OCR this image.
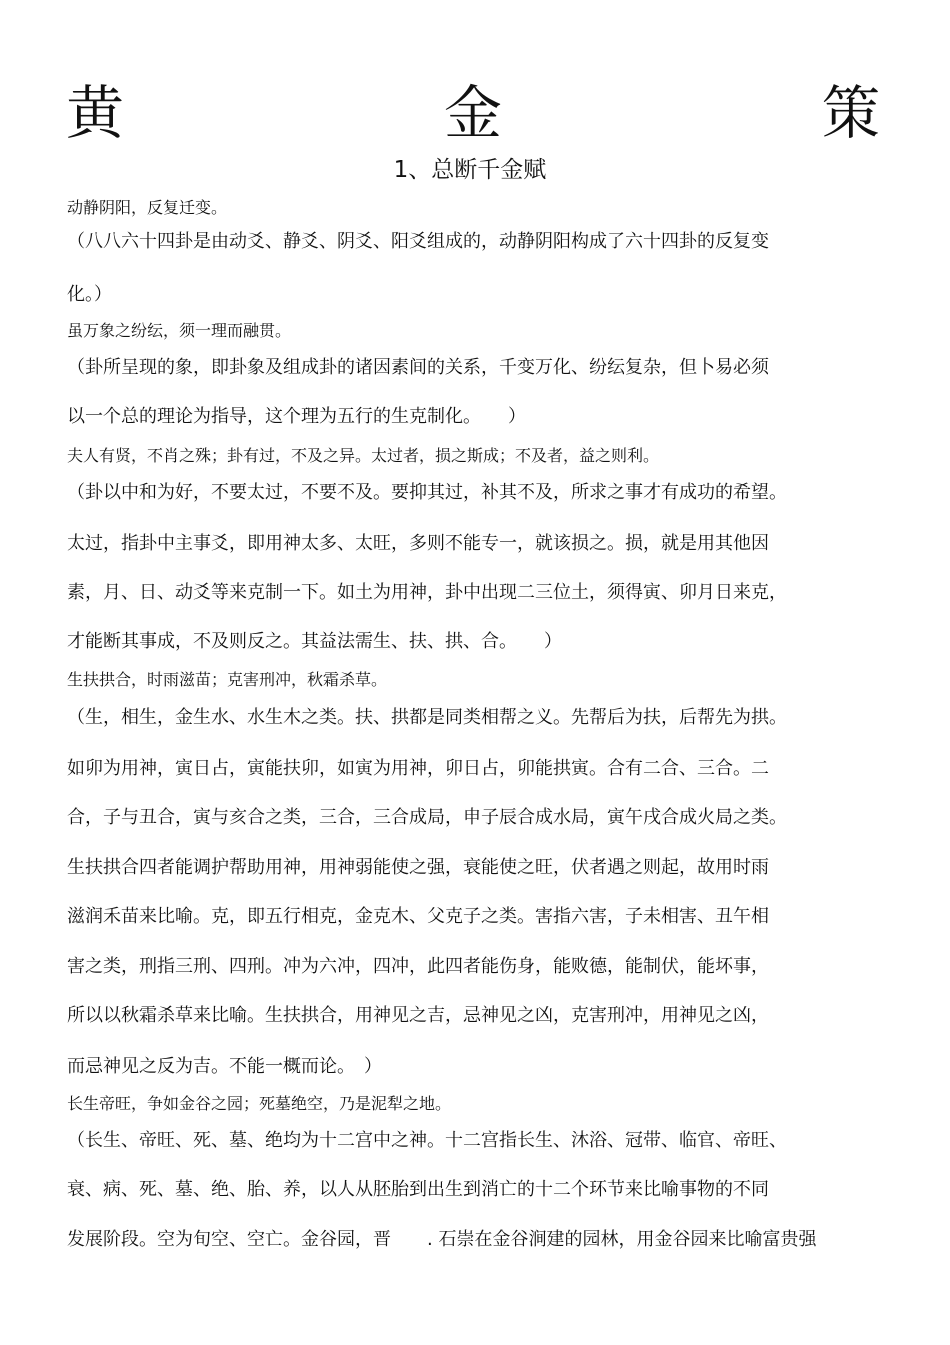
黄	金	策
1、总断千金赋
动静阴阳，反复迁变。
（八八六十四卦是由动爻、静爻、阴爻、阳爻组成的，动静阴阳构成了六十四卦的反复变
化。）
虽万象之纷纭，须一理而融贯。
（卦所呈现的象，即卦象及组成卦的诸因素间的关系，千变万化、纷纭复杂，但卜易必须
以一个总的理论为指导，这个理为五行的生克制化。　　）
夫人有贤，不肖之殊；卦有过，不及之异。太过者，损之斯成；不及者，益之则利。
（卦以中和为好，不要太过，不要不及。要抑其过，补其不及，所求之事才有成功的希望。
太过，指卦中主事爻，即用神太多、太旺，多则不能专一，就该损之。损，就是用其他因
素，月、日、动爻等来克制一下。如土为用神，卦中出现二三位土，须得寅、卯月日来克，
才能断其事成，不及则反之。其益法需生、扶、拱、合。　　）
生扶拱合，时雨滋苗；克害刑冲，秋霜杀草。
（生，相生，金生水、水生木之类。扶、拱都是同类相帮之义。先帮后为扶，后帮先为拱。
如卯为用神，寅日占，寅能扶卯，如寅为用神，卯日占，卯能拱寅。合有二合、三合。二
合，子与丑合，寅与亥合之类，三合，三合成局，申子辰合成水局，寅午戌合成火局之类。
生扶拱合四者能调护帮助用神，用神弱能使之强，衰能使之旺，伏者遇之则起，故用时雨
滋润禾苗来比喻。克，即五行相克，金克木、父克子之类。害指六害，子未相害、丑午相
害之类，刑指三刑、四刑。冲为六冲，四冲，此四者能伤身，能败德，能制伏，能坏事，
所以以秋霜杀草来比喻。生扶拱合，用神见之吉，忌神见之凶，克害刑冲，用神见之凶，
而忌神见之反为吉。不能一概而论。　）
长生帝旺，争如金谷之园；死墓绝空，乃是泥犁之地。
（长生、帝旺、死、墓、绝均为十二宫中之神。十二宫指长生、沐浴、冠带、临官、帝旺、
衰、病、死、墓、绝、胎、养，以人从胚胎到出生到消亡的十二个环节来比喻事物的不同
发展阶段。空为旬空、空亡。金谷园，晋　　. 石崇在金谷涧建的园林，用金谷园来比喻富贵强
